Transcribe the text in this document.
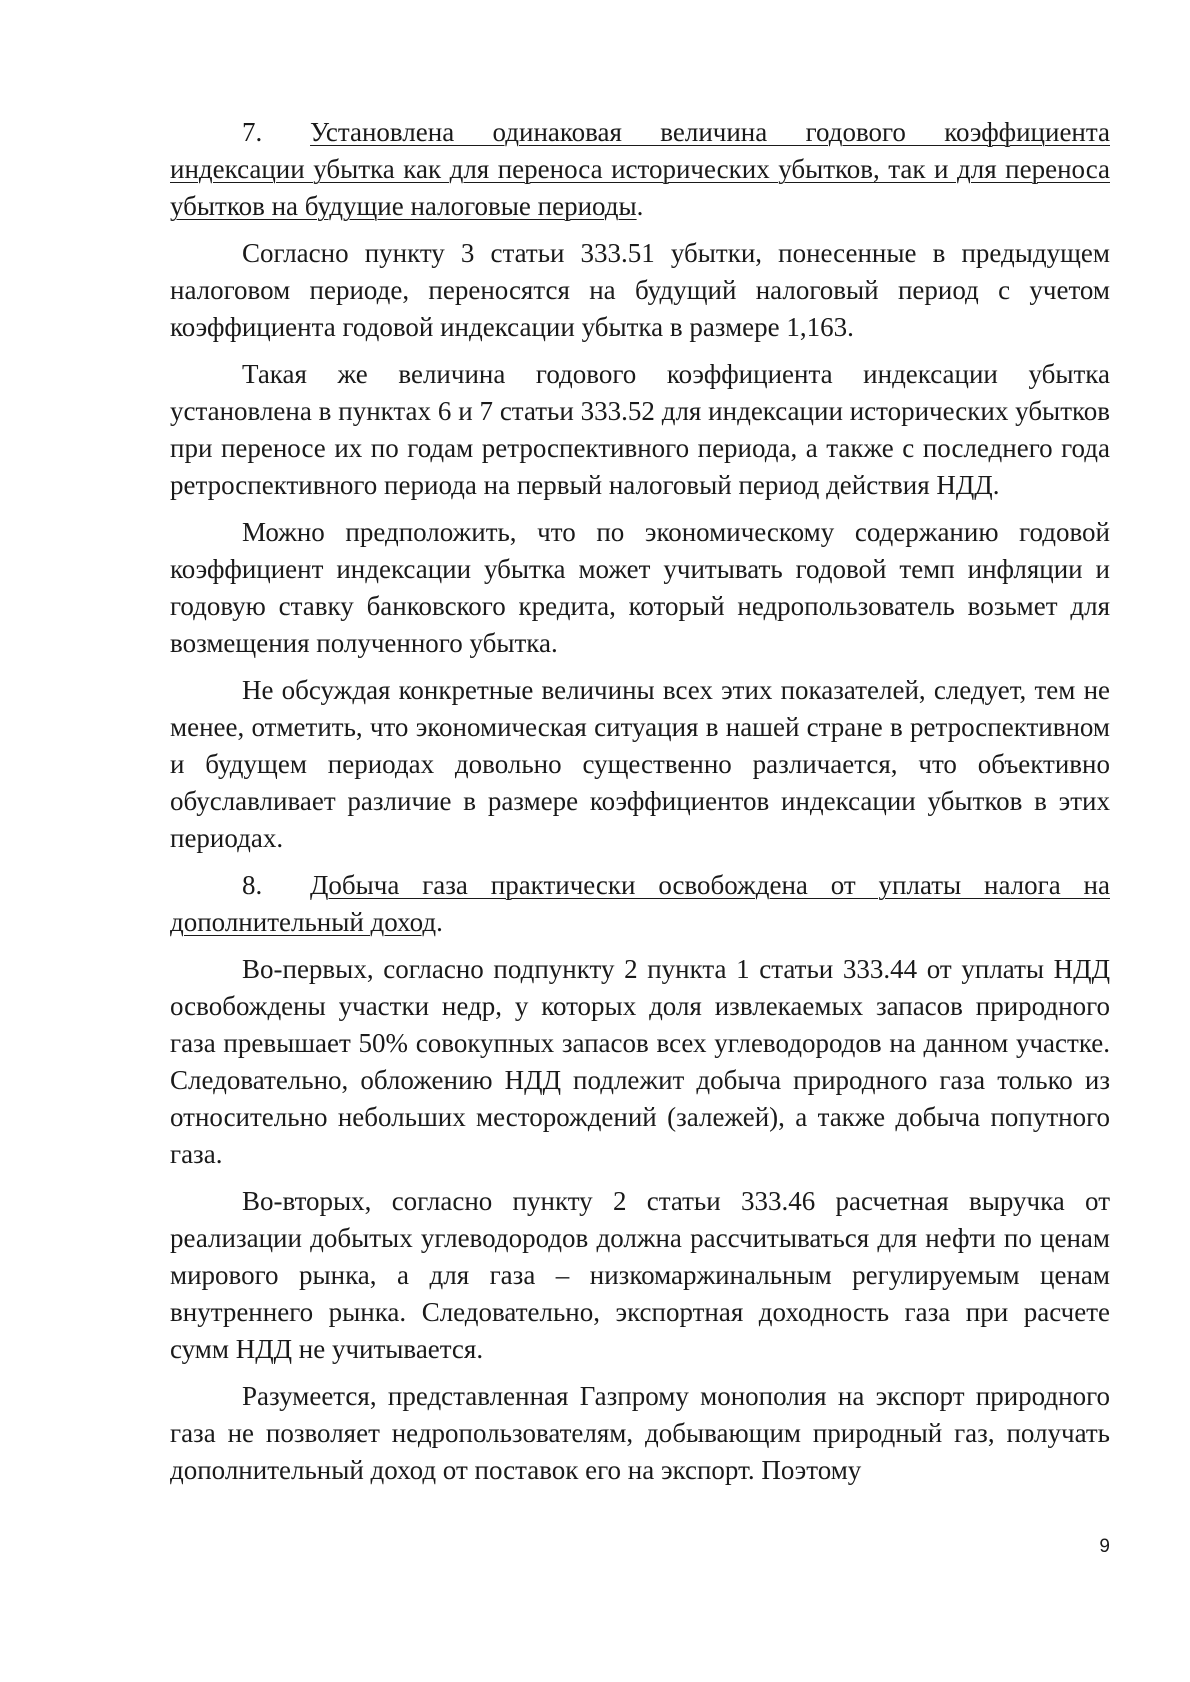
7. Установлена одинаковая величина годового коэффициента индексации убытка как для переноса исторических убытков, так и для переноса убытков на будущие налоговые периоды.

Согласно пункту 3 статьи 333.51 убытки, понесенные в предыдущем налоговом периоде, переносятся на будущий налоговый период с учетом коэффициента годовой индексации убытка в размере 1,163.

Такая же величина годового коэффициента индексации убытка установлена в пунктах 6 и 7 статьи 333.52 для индексации исторических убытков при переносе их по годам ретроспективного периода, а также с последнего года ретроспективного периода на первый налоговый период действия НДД.

Можно предположить, что по экономическому содержанию годовой коэффициент индексации убытка может учитывать годовой темп инфляции и годовую ставку банковского кредита, который недропользователь возьмет для возмещения полученного убытка.

Не обсуждая конкретные величины всех этих показателей, следует, тем не менее, отметить, что экономическая ситуация в нашей стране в ретроспективном и будущем периодах довольно существенно различается, что объективно обуславливает различие в размере коэффициентов индексации убытков в этих периодах.

8. Добыча газа практически освобождена от уплаты налога на дополнительный доход.

Во-первых, согласно подпункту 2 пункта 1 статьи 333.44 от уплаты НДД освобождены участки недр, у которых доля извлекаемых запасов природного газа превышает 50% совокупных запасов всех углеводородов на данном участке. Следовательно, обложению НДД подлежит добыча природного газа только из относительно небольших месторождений (залежей), а также добыча попутного газа.

Во-вторых, согласно пункту 2 статьи 333.46 расчетная выручка от реализации добытых углеводородов должна рассчитываться для нефти по ценам мирового рынка, а для газа – низкомаржинальным регулируемым ценам внутреннего рынка. Следовательно, экспортная доходность газа при расчете сумм НДД не учитывается.

Разумеется, представленная Газпрому монополия на экспорт природного газа не позволяет недропользователям, добывающим природный газ, получать дополнительный доход от поставок его на экспорт. Поэтому

9
